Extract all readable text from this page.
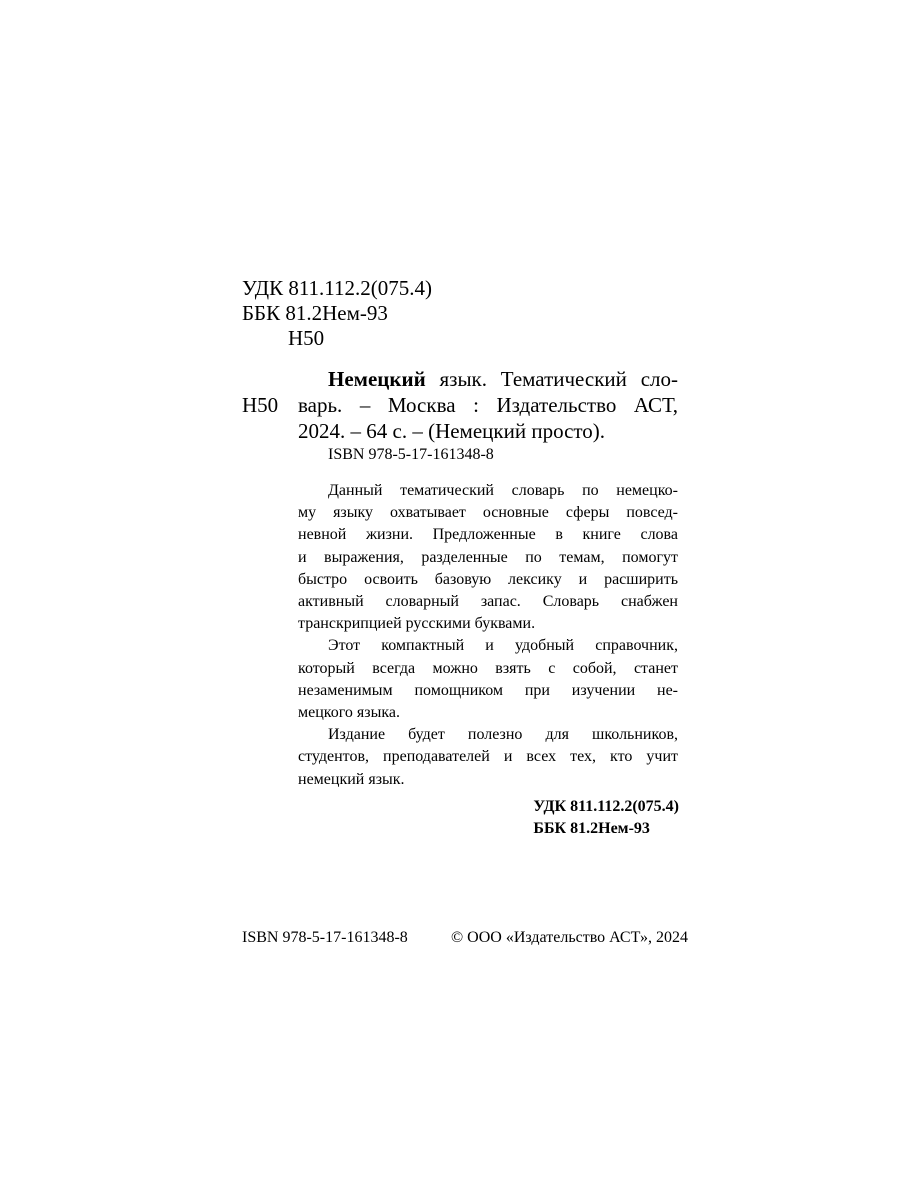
УДК 811.112.2(075.4)
ББК 81.2Нем-93
Н50
Н50
Немецкий язык. Тематический сло-
варь. – Москва : Издательство АСТ,
2024. – 64 с. – (Немецкий просто).
ISBN 978-5-17-161348-8
Данный тематический словарь по немецко-
му языку охватывает основные сферы повсед-
невной жизни. Предложенные в книге слова
и выражения, разделенные по темам, помогут
быстро освоить базовую лексику и расширить
активный словарный запас. Словарь снабжен
транскрипцией русскими буквами.
Этот компактный и удобный справочник,
который всегда можно взять с собой, станет
незаменимым помощником при изучении не-
мецкого языка.
Издание будет полезно для школьников,
студентов, преподавателей и всех тех, кто учит
немецкий язык.
УДК 811.112.2(075.4)
ББК 81.2Нем-93
ISBN 978-5-17-161348-8	© ООО «Издательство АСТ», 2024
